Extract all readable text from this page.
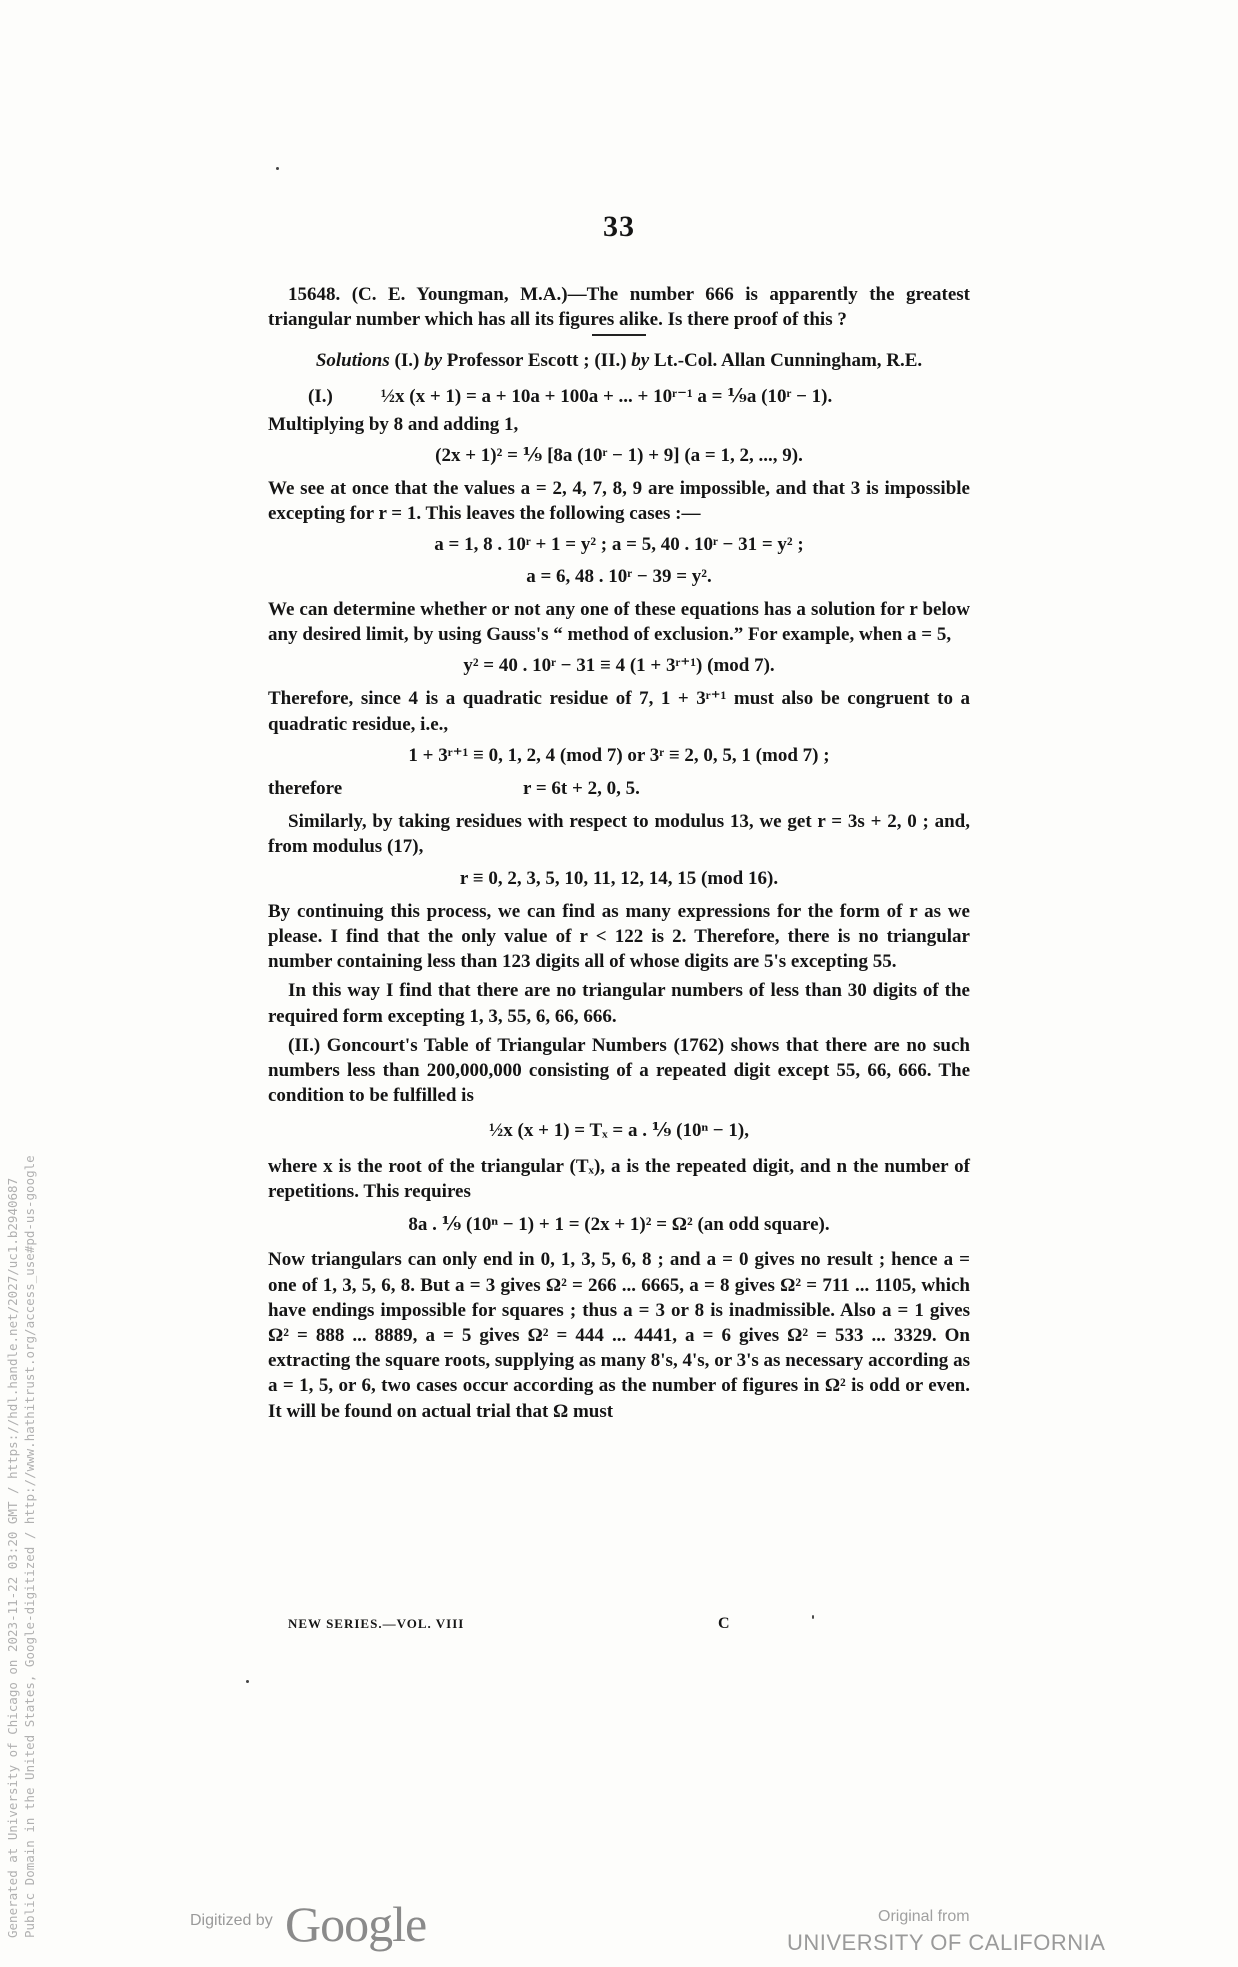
Generated at University of Chicago on 2023-11-22 03:20 GMT / https://hdl.handle.net/2027/uc1.b2940687 Public Domain in the United States, Google-digitized / http://www.hathitrust.org/access_use#pd-us-google
33

15648. (C. E. Youngman, M.A.)—The number 666 is apparently the greatest triangular number which has all its figures alike. Is there proof of this ?

Solutions (I.) by Professor Escott ; (II.) by Lt.-Col. Allan Cunningham, R.E.

(I.)	½x (x + 1) = a + 10a + 100a + ... + 10ʳ⁻¹ a = ⅑a (10ʳ − 1).

Multiplying by 8 and adding 1,

(2x + 1)² = ⅑ [8a (10ʳ − 1) + 9] (a = 1, 2, ..., 9).

We see at once that the values a = 2, 4, 7, 8, 9 are impossible, and that 3 is impossible excepting for r = 1. This leaves the following cases :—

a = 1, 8 . 10ʳ + 1 = y² ; a = 5, 40 . 10ʳ − 31 = y² ;
a = 6, 48 . 10ʳ − 39 = y².

We can determine whether or not any one of these equations has a solution for r below any desired limit, by using Gauss's “ method of exclusion.” For example, when a = 5,

y² = 40 . 10ʳ − 31 ≡ 4 (1 + 3ʳ⁺¹) (mod 7).

Therefore, since 4 is a quadratic residue of 7, 1 + 3ʳ⁺¹ must also be congruent to a quadratic residue, i.e.,

1 + 3ʳ⁺¹ ≡ 0, 1, 2, 4 (mod 7) or 3ʳ ≡ 2, 0, 5, 1 (mod 7) ;
therefore	r = 6t + 2, 0, 5.

Similarly, by taking residues with respect to modulus 13, we get r = 3s + 2, 0 ; and, from modulus (17),

r ≡ 0, 2, 3, 5, 10, 11, 12, 14, 15 (mod 16).

By continuing this process, we can find as many expressions for the form of r as we please. I find that the only value of r < 122 is 2. Therefore, there is no triangular number containing less than 123 digits all of whose digits are 5's excepting 55.

In this way I find that there are no triangular numbers of less than 30 digits of the required form excepting 1, 3, 55, 6, 66, 666.

(II.) Goncourt's Table of Triangular Numbers (1762) shows that there are no such numbers less than 200,000,000 consisting of a repeated digit except 55, 66, 666. The condition to be fulfilled is

½x (x + 1) = Tₓ = a . ⅑ (10ⁿ − 1),

where x is the root of the triangular (Tₓ), a is the repeated digit, and n the number of repetitions. This requires

8a . ⅑ (10ⁿ − 1) + 1 = (2x + 1)² = Ω² (an odd square).

Now triangulars can only end in 0, 1, 3, 5, 6, 8 ; and a = 0 gives no result ; hence a = one of 1, 3, 5, 6, 8. But a = 3 gives Ω² = 266 ... 6665, a = 8 gives Ω² = 711 ... 1105, which have endings impossible for squares ; thus a = 3 or 8 is inadmissible. Also a = 1 gives Ω² = 888 ... 8889, a = 5 gives Ω² = 444 ... 4441, a = 6 gives Ω² = 533 ... 3329. On extracting the square roots, supplying as many 8's, 4's, or 3's as necessary according as a = 1, 5, or 6, two cases occur according as the number of figures in Ω² is odd or even. It will be found on actual trial that Ω must

NEW SERIES.—VOL. VIII	C
Digitized by Google	Original from
UNIVERSITY OF CALIFORNIA
